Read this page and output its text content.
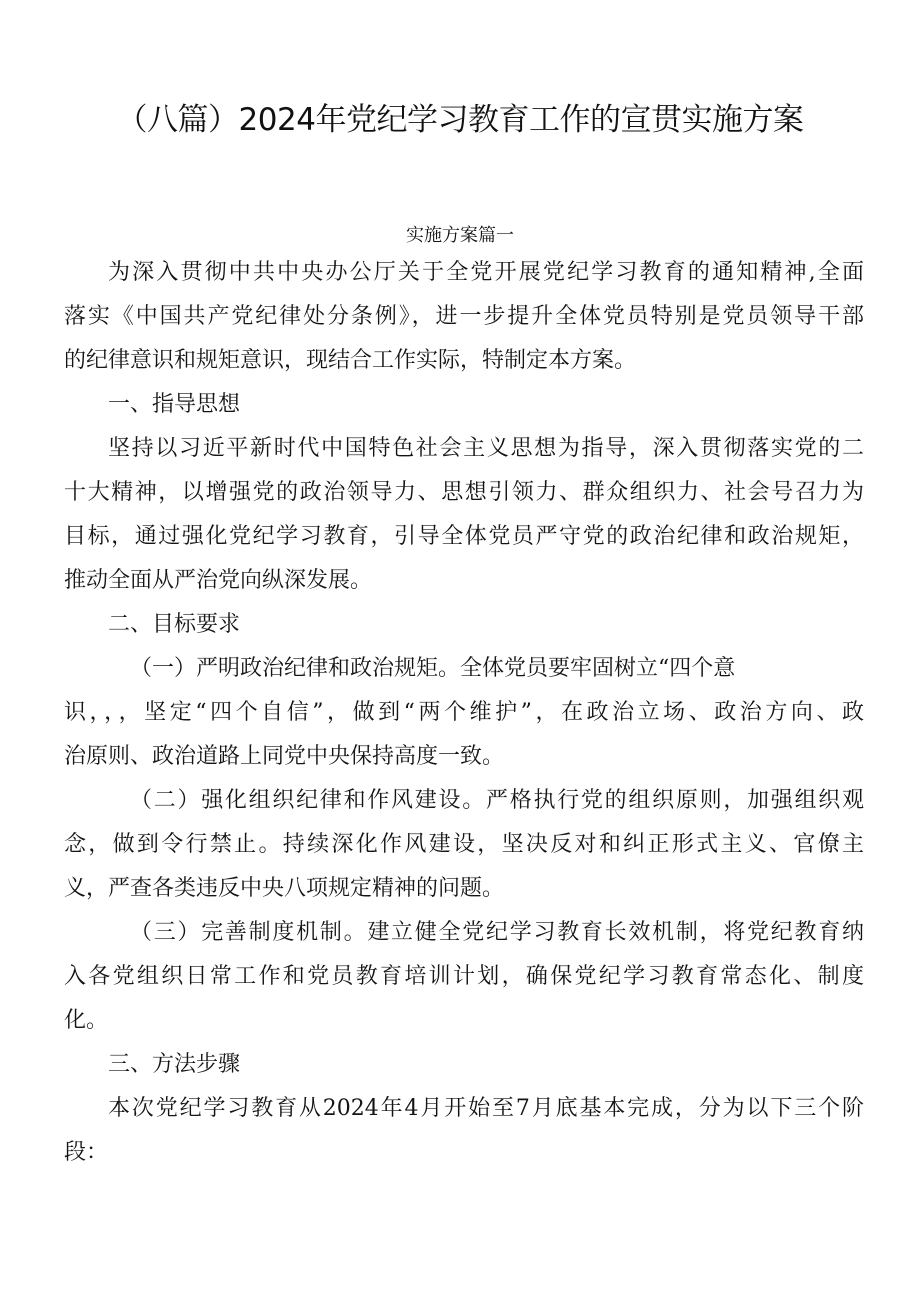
（八篇）2024年党纪学习教育工作的宣贯实施方案
实施方案篇一
为深入贯彻中共中央办公厅关于全党开展党纪学习教育的通知精神,全面
落实《中国共产党纪律处分条例》，进一步提升全体党员特别是党员领导干部
的纪律意识和规矩意识，现结合工作实际，特制定本方案。
一、指导思想
坚持以习近平新时代中国特色社会主义思想为指导，深入贯彻落实党的二
十大精神，以增强党的政治领导力、思想引领力、群众组织力、社会号召力为
目标，通过强化党纪学习教育，引导全体党员严守党的政治纪律和政治规矩，
推动全面从严治党向纵深发展。
二、目标要求
（一）严明政治纪律和政治规矩。全体党员要牢固树立“四个意
识，，，坚定“四个自信”，做到“两个维护”，在政治立场、政治方向、政
治原则、政治道路上同党中央保持高度一致。
（二）强化组织纪律和作风建设。严格执行党的组织原则，加强组织观
念，做到令行禁止。持续深化作风建设，坚决反对和纠正形式主义、官僚主
义，严查各类违反中央八项规定精神的问题。
（三）完善制度机制。建立健全党纪学习教育长效机制，将党纪教育纳
入各党组织日常工作和党员教育培训计划，确保党纪学习教育常态化、制度
化。
三、方法步骤
本次党纪学习教育从2024年4月开始至7月底基本完成，分为以下三个阶
段：
